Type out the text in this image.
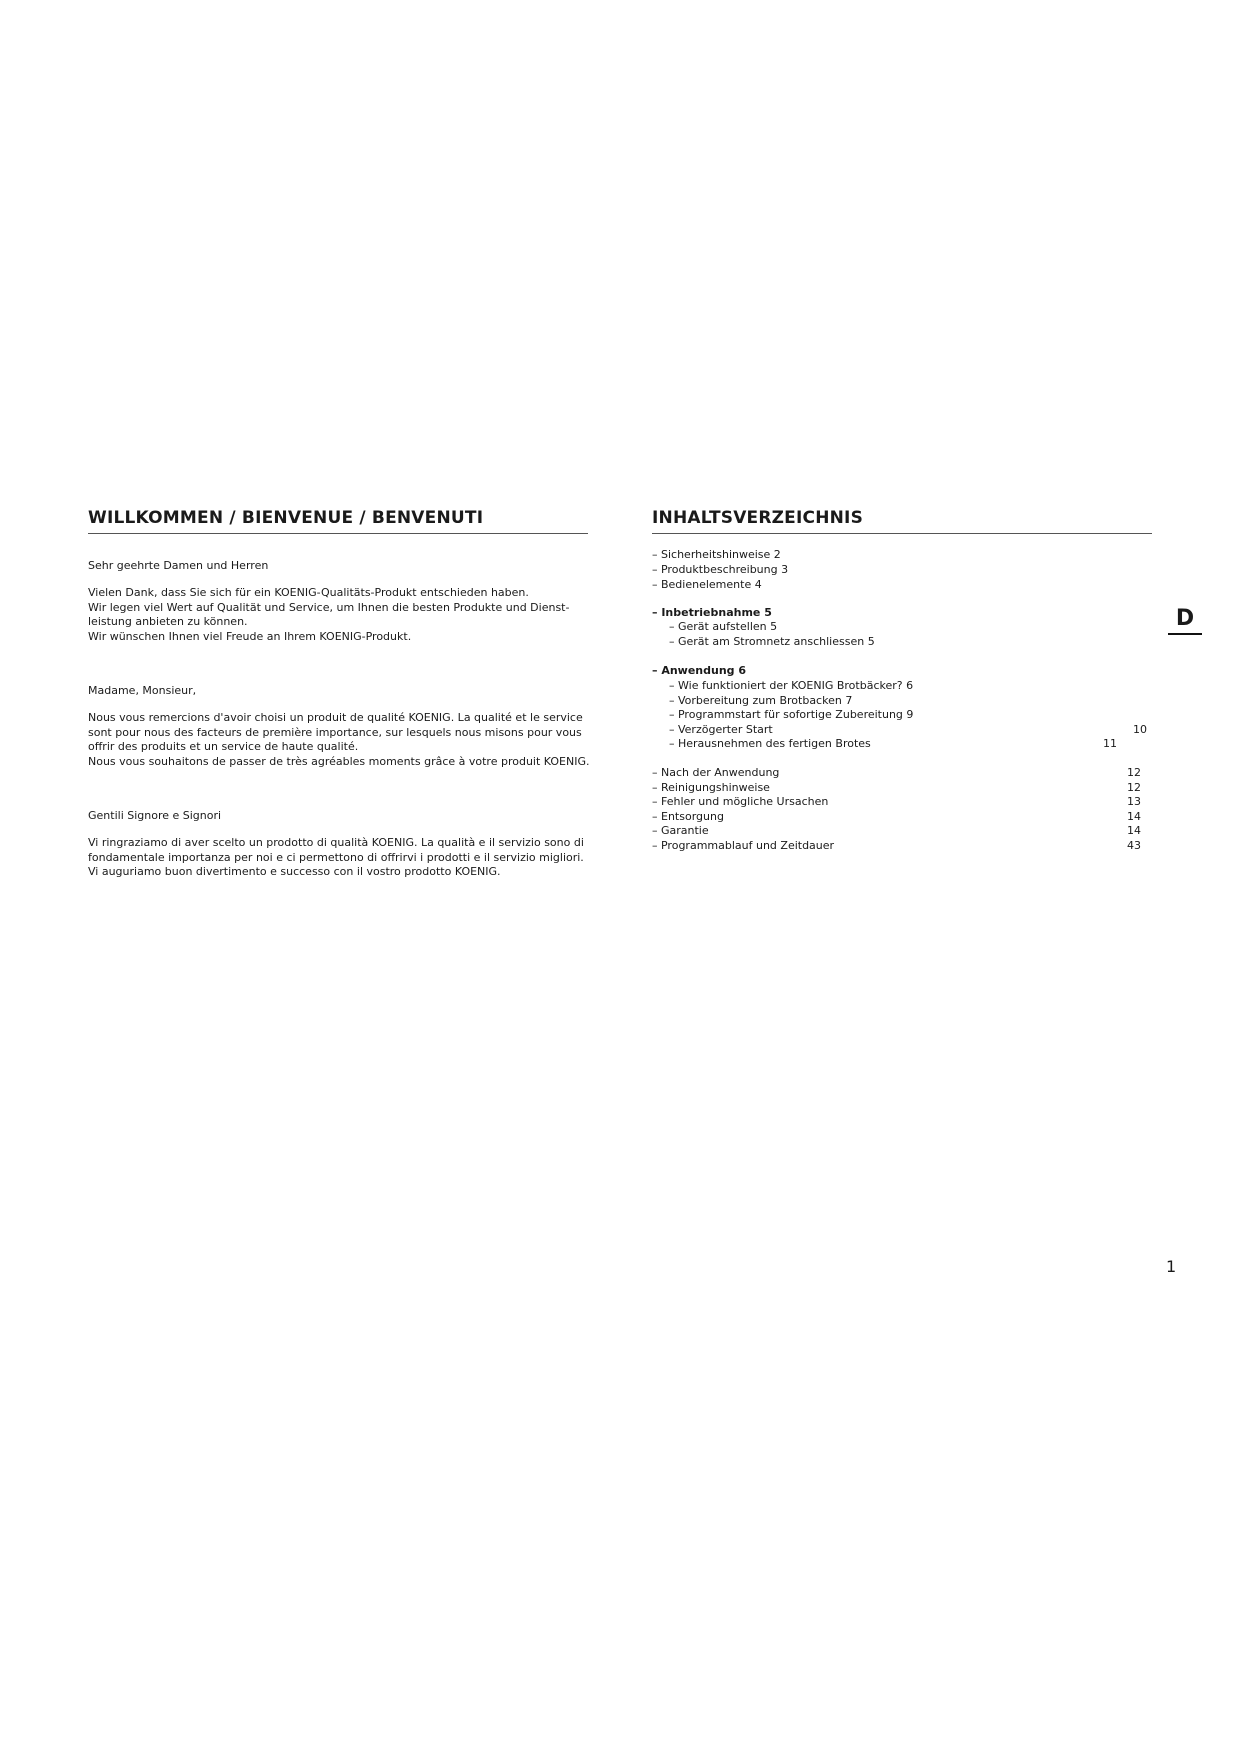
WILLKOMMEN / BIENVENUE / BENVENUTI
Sehr geehrte Damen und Herren
Vielen Dank, dass Sie sich für ein KOENIG-Qualitäts-Produkt entschieden haben.
Wir legen viel Wert auf Qualität und Service, um Ihnen die besten Produkte und Dienst-
leistung anbieten zu können.
Wir wünschen Ihnen viel Freude an Ihrem KOENIG-Produkt.
Madame, Monsieur,
Nous vous remercions d'avoir choisi un produit de qualité KOENIG. La qualité et le service
sont pour nous des facteurs de première importance, sur lesquels nous misons pour vous
offrir des produits et un service de haute qualité.
Nous vous souhaitons de passer de très agréables moments grâce à votre produit KOENIG.
Gentili Signore e Signori
Vi ringraziamo di aver scelto un prodotto di qualità KOENIG. La qualità e il servizio sono di
fondamentale importanza per noi e ci permettono di offrirvi i prodotti e il servizio migliori.
Vi auguriamo buon divertimento e successo con il vostro prodotto KOENIG.
INHALTSVERZEICHNIS
– Sicherheitshinweise 2
– Produktbeschreibung 3
– Bedienelemente 4
– Inbetriebnahme 5
– Gerät aufstellen 5
– Gerät am Stromnetz anschliessen 5
– Anwendung 6
– Wie funktioniert der KOENIG Brotbäcker? 6
– Vorbereitung zum Brotbacken 7
– Programmstart für sofortige Zubereitung 9
– Verzögerter Start	10
– Herausnehmen des fertigen Brotes	11
– Nach der Anwendung	12
– Reinigungshinweise	12
– Fehler und mögliche Ursachen	13
– Entsorgung	14
– Garantie	14
– Programmablauf und Zeitdauer	43
D
1
